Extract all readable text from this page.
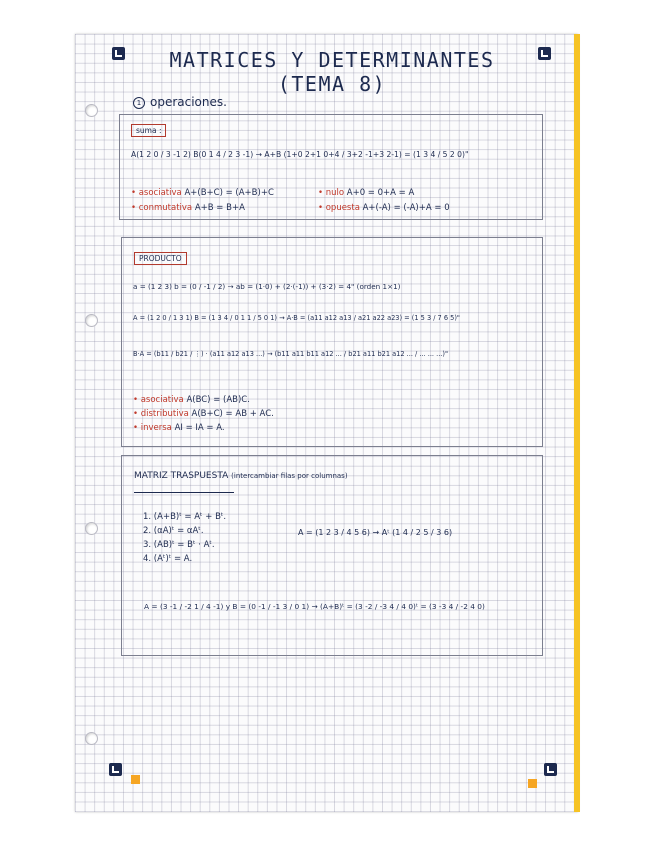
MATRICES Y DETERMINANTES (TEMA 8)
1 operaciones.
suma :
A(1 2 0 / 3 -1 2) B(0 1 4 / 2 3 -1) → A+B (1+0 2+1 0+4 / 3+2 -1+3 2-1) = (1 3 4 / 5 2 0)"
• asociativa A+(B+C) = (A+B)+C
• conmutativa A+B = B+A
• nulo A+0 = 0+A = A
• opuesta A+(-A) = (-A)+A = 0
PRODUCTO
a = (1 2 3) b = (0 / -1 / 2) → ab = (1·0) + (2·(-1)) + (3·2) = 4" (orden 1×1)
A = (1 2 0 / 1 3 1) B = (1 3 4 / 0 1 1 / 5 0 1) → A·B = (a11 a12 a13 / a21 a22 a23) = (1 5 3 / 7 6 5)"
B·A = (b11 / b21 / ⋮) · (a11 a12 a13 ...) → (b11 a11 b11 a12 ... / b21 a11 b21 a12 ... / ... ... ...)"
• asociativa A(BC) = (AB)C.
• distributiva A(B+C) = AB + AC.
• inversa AI = IA = A.
MATRIZ TRASPUESTA (intercambiar filas por columnas)
1. (A+B)ᵗ = Aᵗ + Bᵗ.
2. (αA)ᵗ = αAᵗ.
3. (AB)ᵗ = Bᵗ · Aᵗ.
4. (Aᵗ)ᵗ = A.
A = (1 2 3 / 4 5 6) → Aᵗ (1 4 / 2 5 / 3 6)
A = (3 -1 / -2 1 / 4 -1) y B = (0 -1 / -1 3 / 0 1) → (A+B)ᵗ = (3 -2 / -3 4 / 4 0)ᵗ = (3 -3 4 / -2 4 0)
